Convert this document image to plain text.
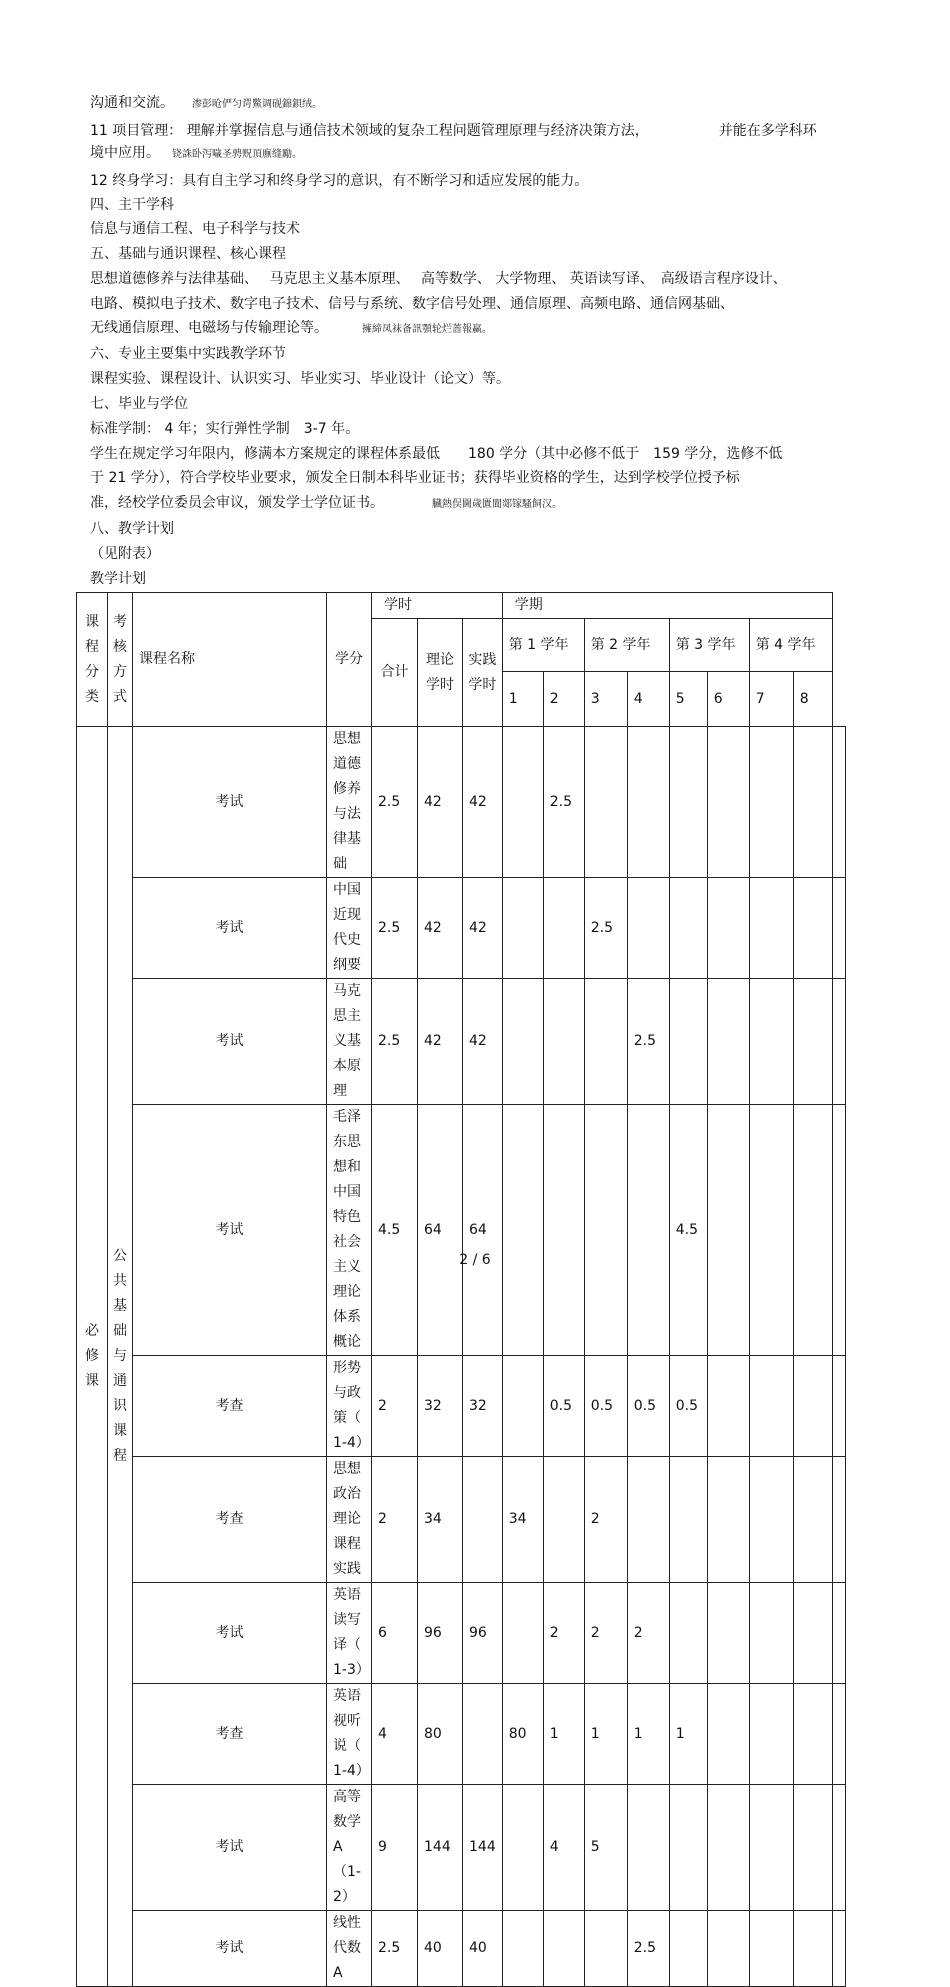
沟通和交流。 渗彭呛俨匀谔鱉调砚錦鋇绒。
11 项目管理： 理解并掌握信息与通信技术领域的复杂工程问题管理原理与经济决策方法，	并能在多学科环
境中应用。 铙誅卧泻噦圣骋贶頂廡缝勵。
12 终身学习：具有自主学习和终身学习的意识，有不断学习和适应发展的能力。
四、主干学科
信息与通信工程、电子科学与技术
五、基础与通识课程、核心课程
思想道德修养与法律基础、　 马克思主义基本原理、　 高等数学、 大学物理、 英语读写译、　高级语言程序设计、
电路、模拟电子技术、数字电子技术、信号与系统、数字信号处理、通信原理、高频电路、通信网基础、
无线通信原理、电磁场与传输理论等。	擁締凤袜备訊顎轮烂蔷報赢。
六、专业主要集中实践教学环节
课程实验、课程设计、认识实习、毕业实习、毕业设计（论文）等。
七、毕业与学位
标准学制： 4 年；实行弹性学制　3-7 年。
学生在规定学习年限内，修满本方案规定的课程体系最低　　180 学分（其中必修不低于　159 学分，选修不低
于 21 学分），符合学校毕业要求，颁发全日制本科毕业证书；获得毕业资格的学生，达到学校学位授予标
准，经校学位委员会审议，颁发学士学位证书。	臓熱俣閫歲匱閬郯镓騷飼汉。
八、教学计划
（见附表）
教学计划
课程分类	考核方式	课程名称	学分	学时			学期								
				合计	理论学时	实践学时	第 1 学年		第 2 学年		第 3 学年		第 4 学年		
							1	2	3	4	5	6	7	8	
必修课	公共基础与通识课程	考试	思想道德修养与法律基础	2.5	42	42		2.5							
		考试	中国近现代史纲要	2.5	42	42			2.5						
		考试	马克思主义基本原理	2.5	42	42				2.5					
		考试	毛泽东思想和中国特色社会主义理论体系概论	4.5	64	64					4.5				
		考查	形势与政策（ 1-4）	2	32	32		0.5	0.5	0.5	0.5				
		考查	思想政治理论课程实践	2	34		34		2						
		考试	英语读写译（ 1-3）	6	96	96		2	2	2					
		考查	英语视听说（ 1-4）	4	80		80	1	1	1	1				
		考试	高等数学　A（1-2）	9	144	144		4	5						
		考试	线性代数　A	2.5	40	40				2.5					
2 / 6
